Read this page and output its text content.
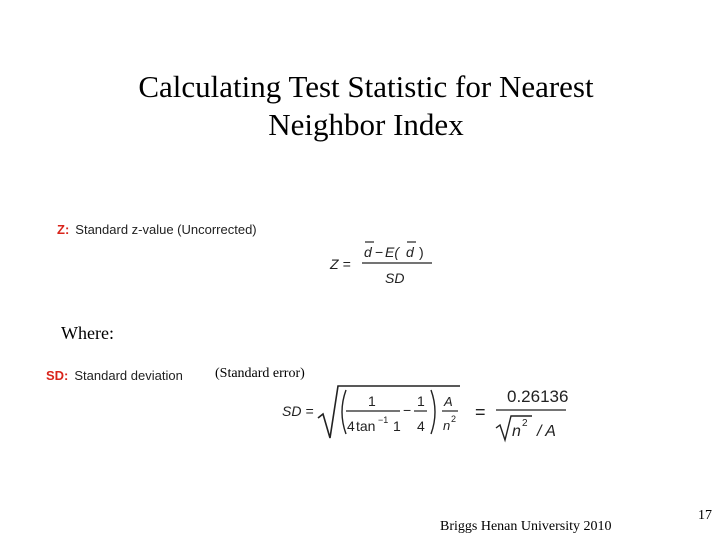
Calculating Test Statistic for Nearest
Neighbor Index
Z: Standard z-value (Uncorrected)
Z =
d − E( d )
SD
Where:
SD: Standard deviation (Standard error)
SD =
1
4 tan −1 1
−
1
4
A
n 2 =
0.26136
n 2 / A
Briggs Henan University 2010
17
